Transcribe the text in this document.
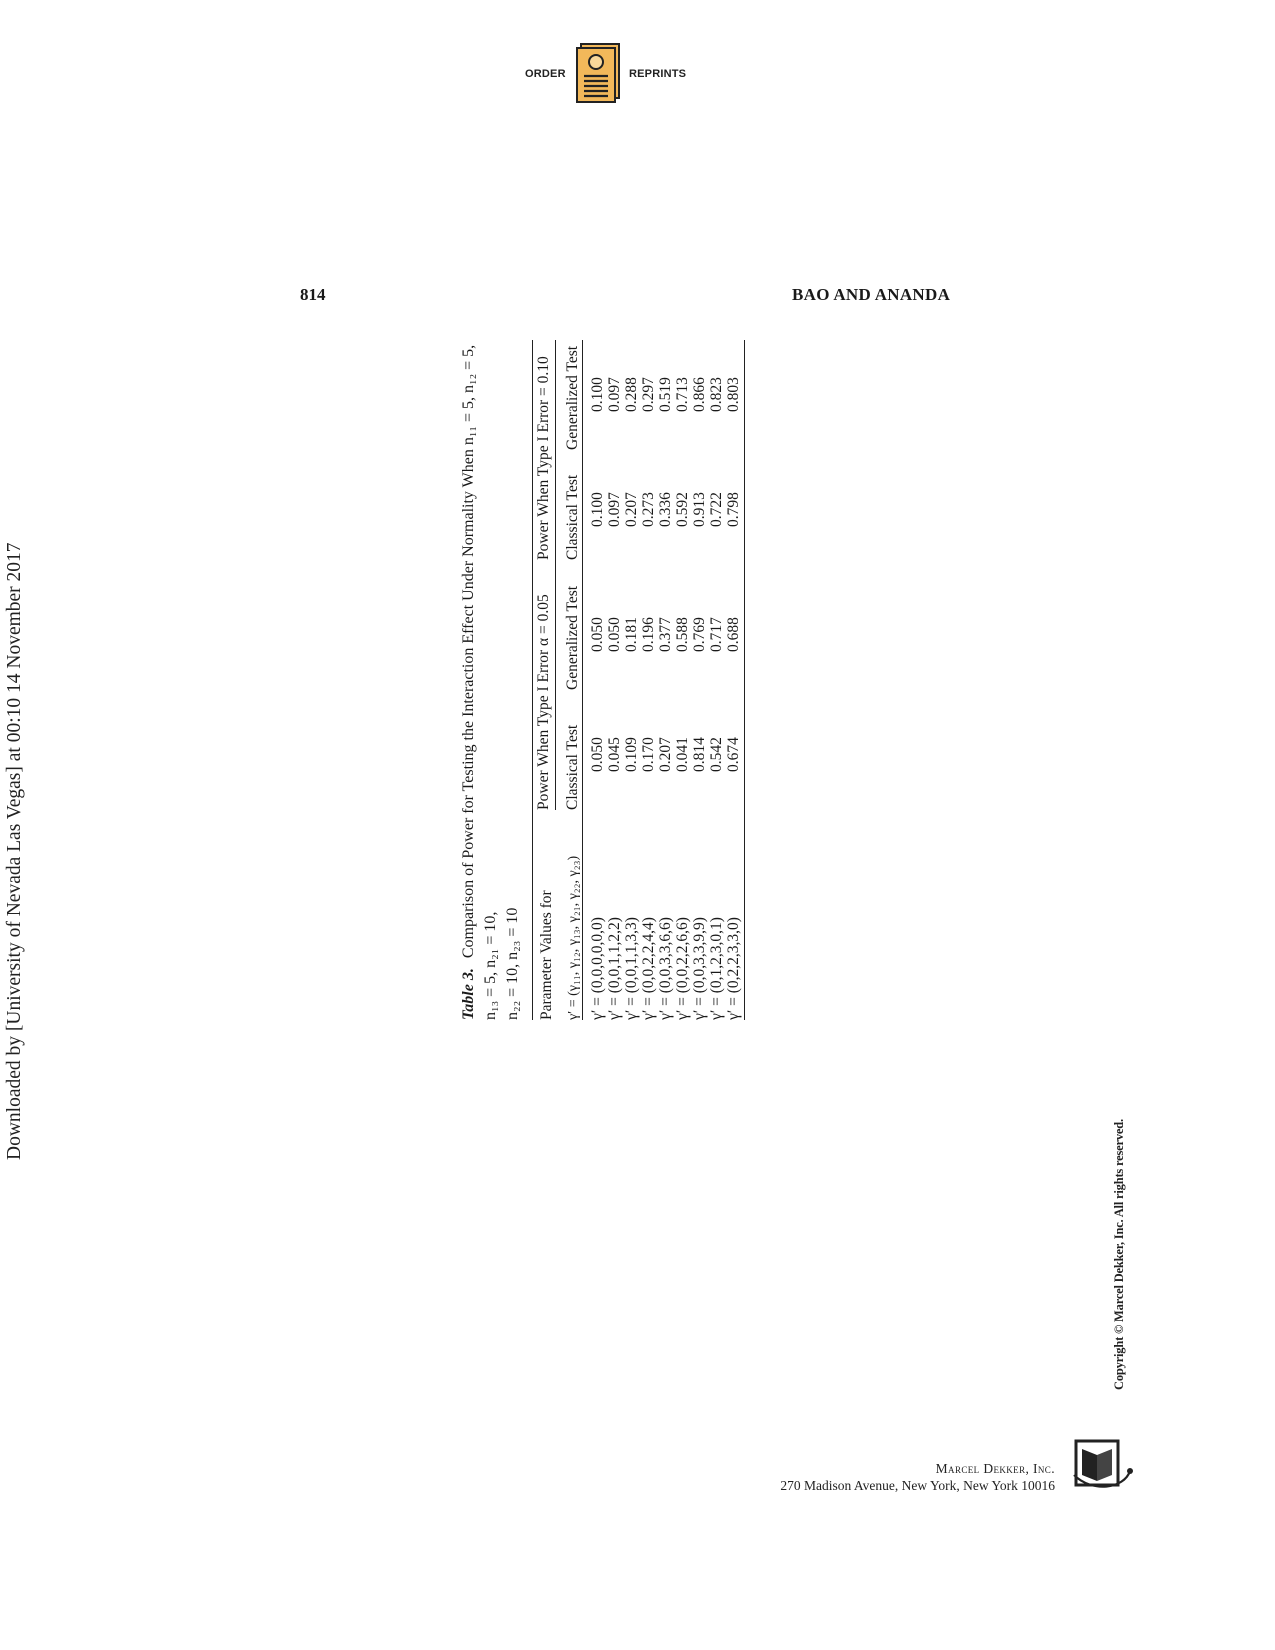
ORDER	REPRINTS
814	BAO AND ANANDA
Downloaded by [University of Nevada Las Vegas] at 00:10 14 November 2017	Table 3.Comparison of Power for Testing the Interaction Effect Under Normality When n₁₁ = 5, n₁₂ = 5, n₁₃ = 5, n₂₁ = 10, n₂₂ = 10, n₂₃ = 10 Parameter Values for	Power When Type I Error α = 0.05		Power When Type I Error = 0.10	
γ′ = (γ₁₁, γ₁₂, γ₁₃, γ₂₁, γ₂₂, γ₂₃)	Classical Test	Generalized Test	Classical Test	Generalized Test

γ′ = (0,0,0,0,0,0)	0.050	0.050	0.100	0.100
γ′ = (0,0,1,1,2,2)	0.045	0.050	0.097	0.097
γ′ = (0,0,1,1,3,3)	0.109	0.181	0.207	0.288
γ′ = (0,0,2,2,4,4)	0.170	0.196	0.273	0.297
γ′ = (0,0,3,3,6,6)	0.207	0.377	0.336	0.519
γ′ = (0,0,2,2,6,6)	0.041	0.588	0.592	0.713
γ′ = (0,0,3,3,9,9)	0.814	0.769	0.913	0.866
γ′ = (0,1,2,3,0,1)	0.542	0.717	0.722	0.823
γ′ = (0,2,2,3,3,0)	0.674	0.688	0.798	0.803
Copyright © Marcel Dekker, Inc. All rights reserved.
Marcel Dekker, Inc.
270 Madison Avenue, New York, New York 10016
